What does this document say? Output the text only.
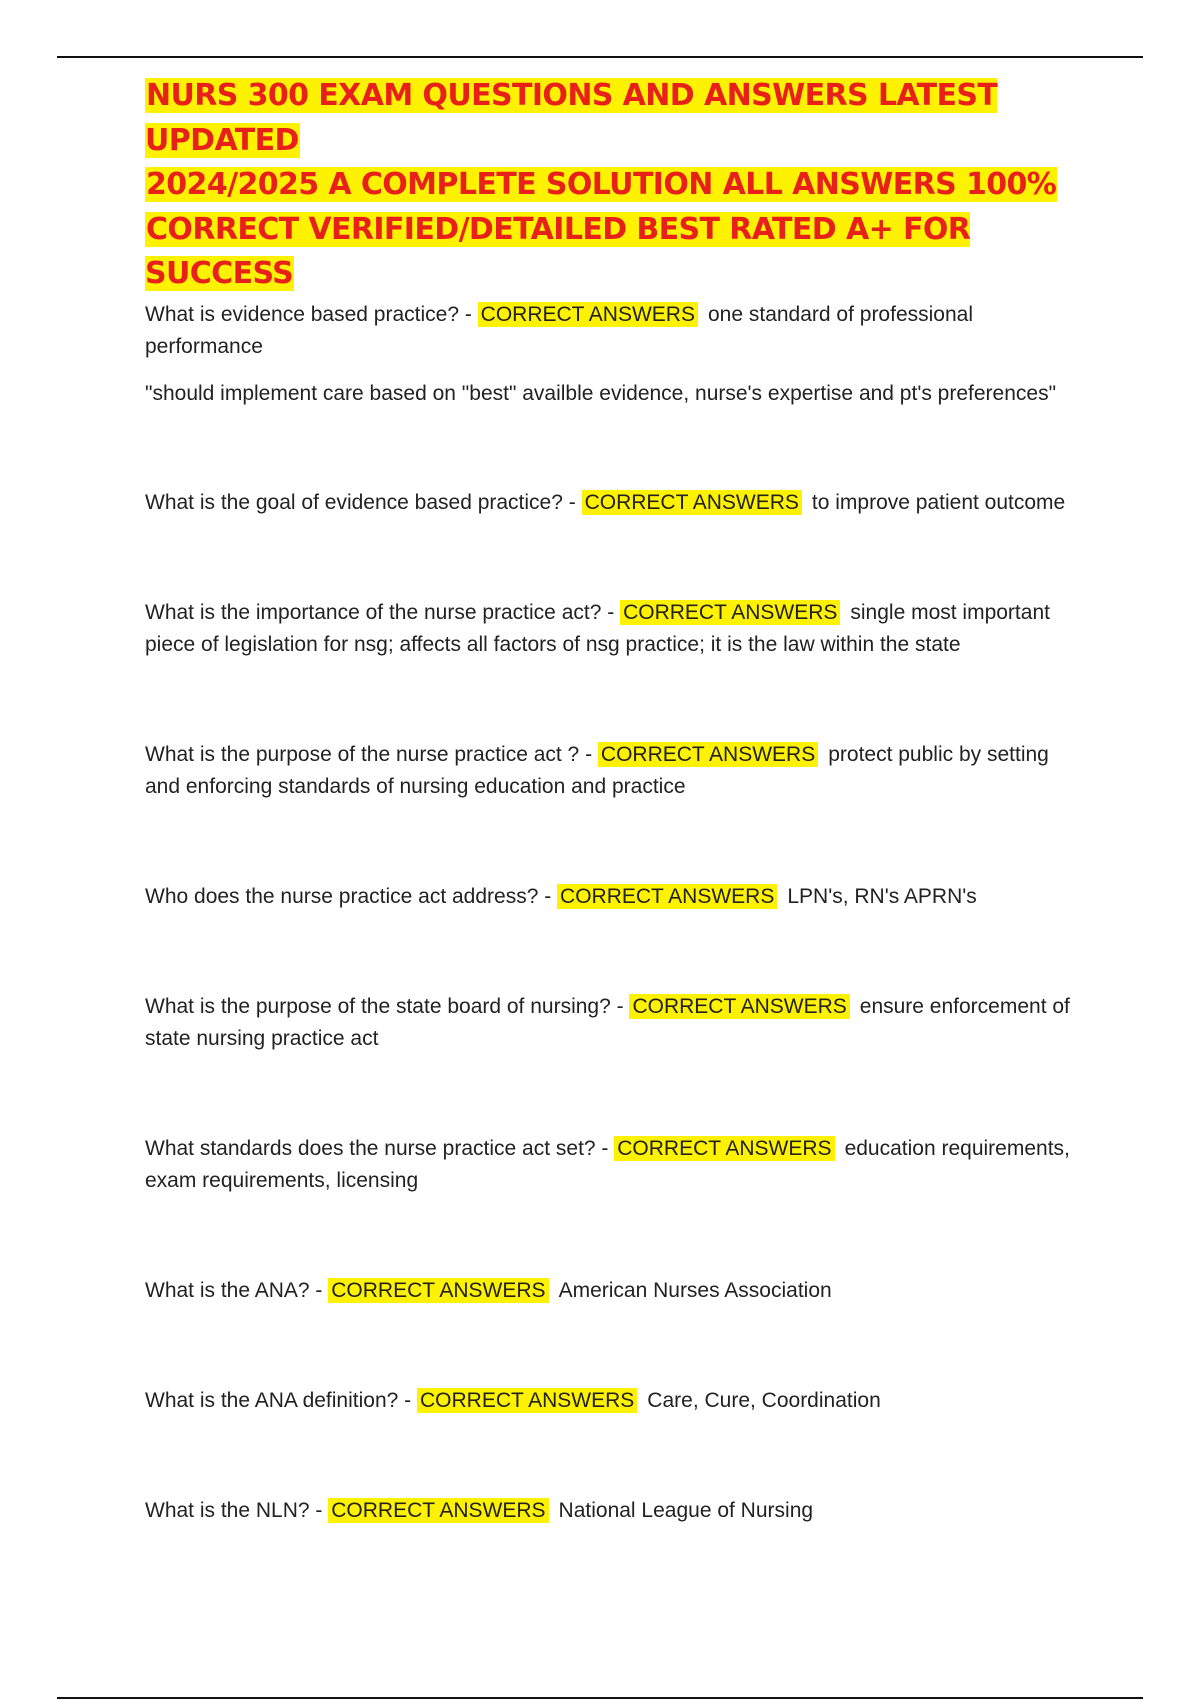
NURS 300 EXAM QUESTIONS AND ANSWERS LATEST UPDATED
2024/2025 A COMPLETE SOLUTION ALL ANSWERS 100%
CORRECT VERIFIED/DETAILED BEST RATED A+ FOR SUCCESS

What is evidence based practice? - CORRECT ANSWERS one standard of professional performance

"should implement care based on "best" availble evidence, nurse's expertise and pt's preferences"

What is the goal of evidence based practice? - CORRECT ANSWERS to improve patient outcome

What is the importance of the nurse practice act? - CORRECT ANSWERS single most important piece of legislation for nsg; affects all factors of nsg practice; it is the law within the state

What is the purpose of the nurse practice act ? - CORRECT ANSWERS protect public by setting and enforcing standards of nursing education and practice

Who does the nurse practice act address? - CORRECT ANSWERS LPN's, RN's APRN's

What is the purpose of the state board of nursing? - CORRECT ANSWERS ensure enforcement of state nursing practice act

What standards does the nurse practice act set? - CORRECT ANSWERS education requirements, exam requirements, licensing

What is the ANA? - CORRECT ANSWERS American Nurses Association

What is the ANA definition? - CORRECT ANSWERS Care, Cure, Coordination

What is the NLN? - CORRECT ANSWERS National League of Nursing
